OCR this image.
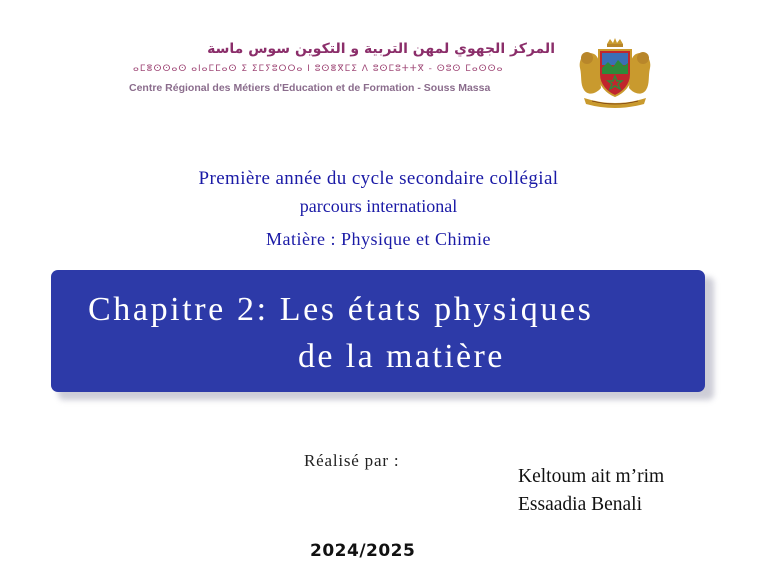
المركز الجهوي لمهن التربية و التكوين سوس ماسة
ⴰⵎⴻⵙⵙⴰⵙ ⴰⵏⴰⵎⵎⴰⵙ ⵉ ⵉⵎⵢⵓⵔⵔⴰ ⵏ ⵓⵙⴻⴳⵎⵉ ⴷ ⵓⵙⵎⵓⵜⵜⴳ - ⵙⵓⵙ ⵎⴰⵙⵙⴰ
Centre Régional des Métiers d'Education et de Formation - Souss Massa
Première année du cycle secondaire collégial
parcours international
Matière : Physique et Chimie
Chapitre 2: Les états physiques
de la matière
Réalisé par :
Keltoum ait m’rim
Essaadia Benali
2024/2025
